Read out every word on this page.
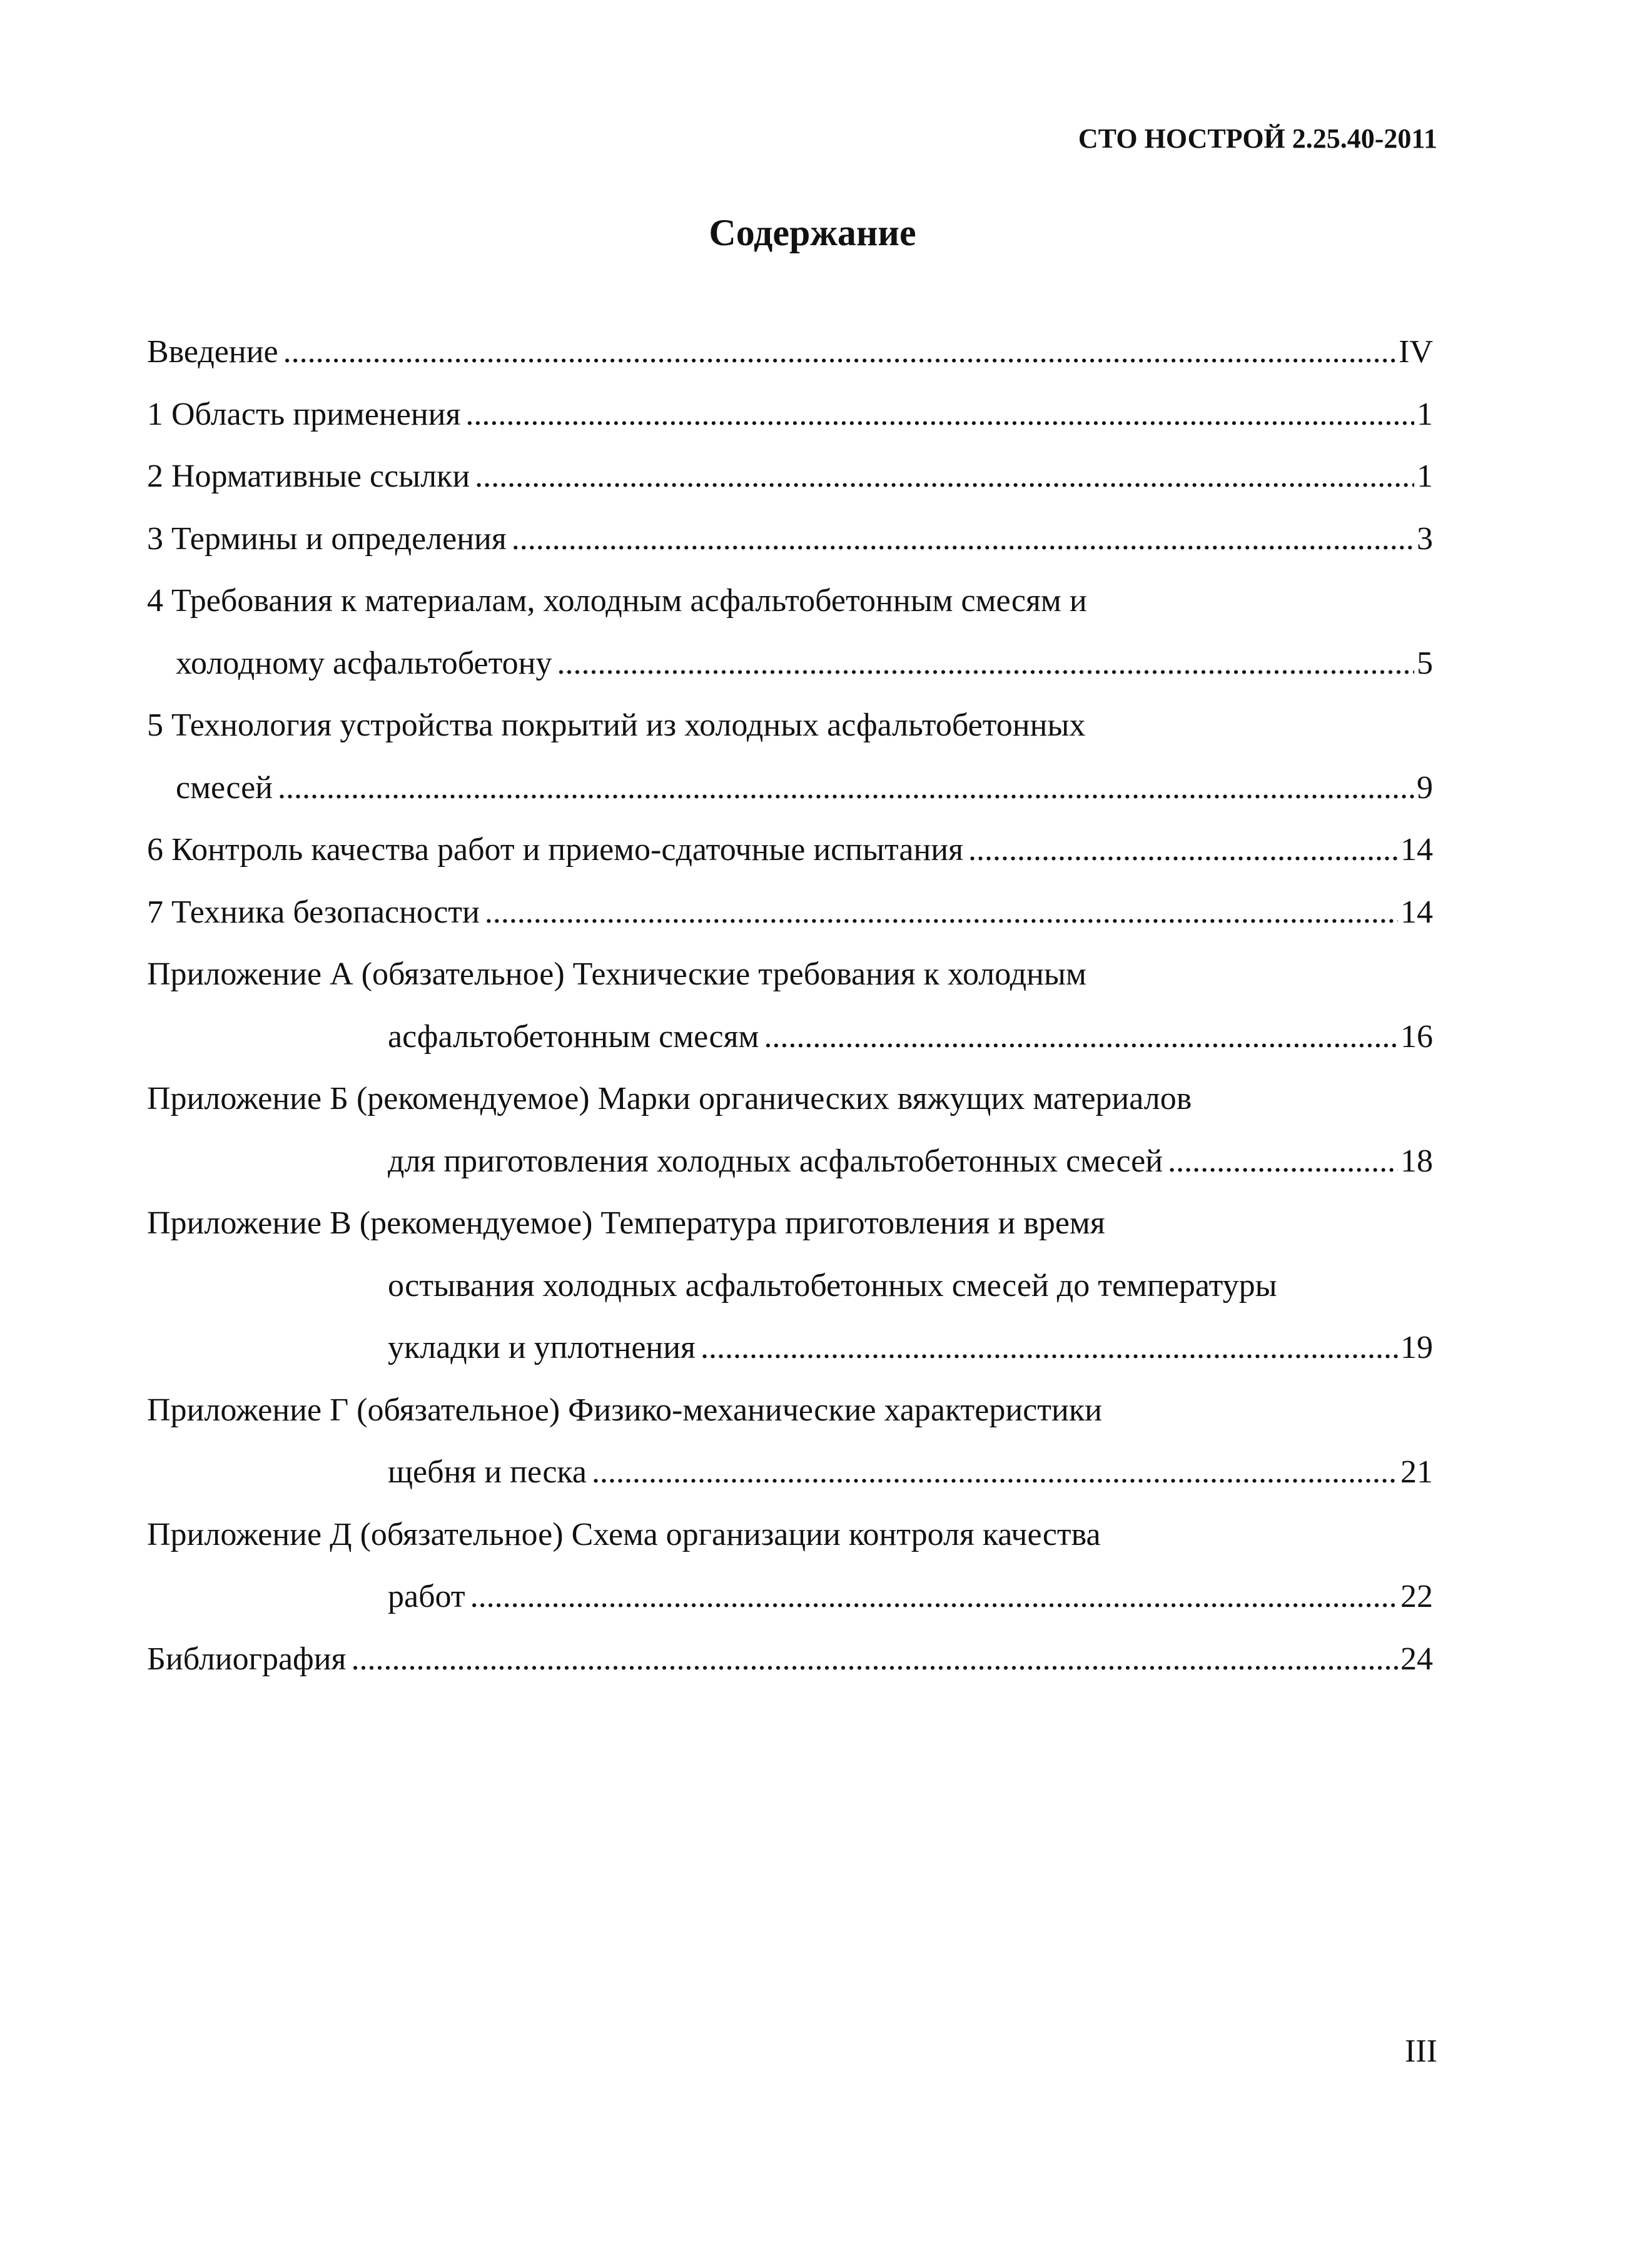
СТО НОСТРОЙ 2.25.40-2011
Содержание
Введение .....	IV
1 Область применения .....	1
2 Нормативные ссылки .....	1
3 Термины и определения .....	3
4 Требования к материалам, холодным асфальтобетонным смесям и
холодному асфальтобетону .....	5
5 Технология устройства покрытий из холодных асфальтобетонных
смесей .....	9
6 Контроль качества работ и приемо-сдаточные испытания .....	14
7 Техника безопасности .....	14
Приложение А (обязательное) Технические требования к холодным
асфальтобетонным смесям .....	16
Приложение Б (рекомендуемое) Марки органических вяжущих материалов
для приготовления холодных асфальтобетонных смесей .....	18
Приложение В (рекомендуемое) Температура приготовления и время
остывания холодных асфальтобетонных смесей до температуры
укладки и уплотнения .....	19
Приложение Г (обязательное) Физико-механические характеристики
щебня и песка .....	21
Приложение Д (обязательное) Схема организации контроля качества
работ .....	22
Библиография .....	24
III
